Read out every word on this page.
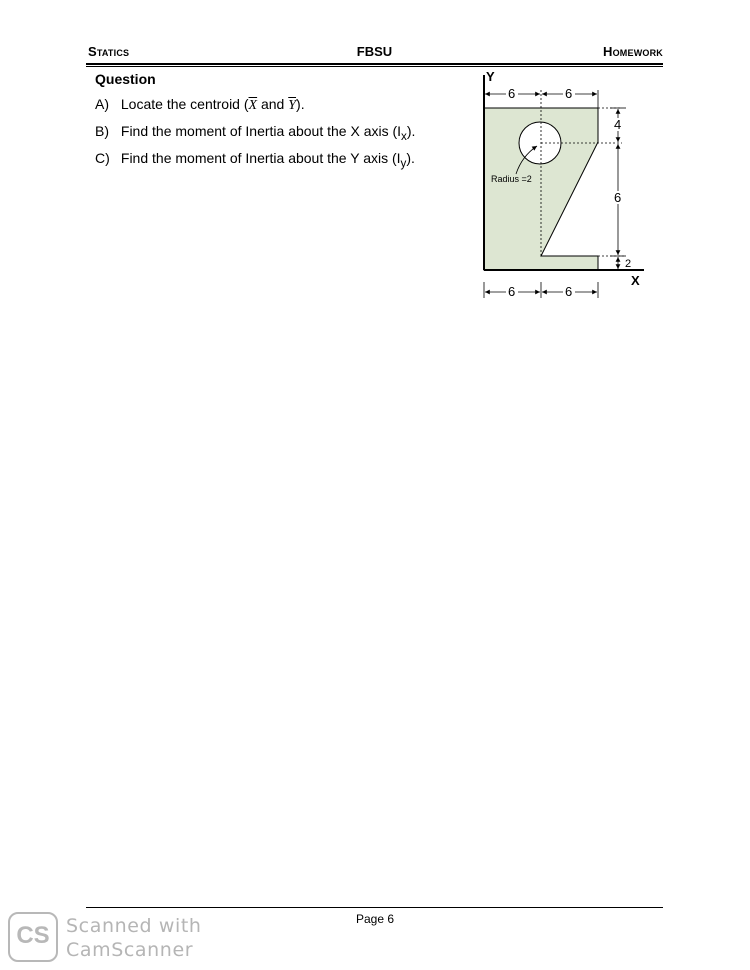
Statics	FBSU	Homework
Question
A) Locate the centroid ($\overline{X}$ and $\overline{Y}$).
B) Find the moment of Inertia about the X axis $(I_x)$.
C) Find the moment of Inertia about the Y axis $(I_y)$.
Y
X
6	6
6	6
4
6
2
Radius =2
Page 6
CS Scanned with
CamScanner
